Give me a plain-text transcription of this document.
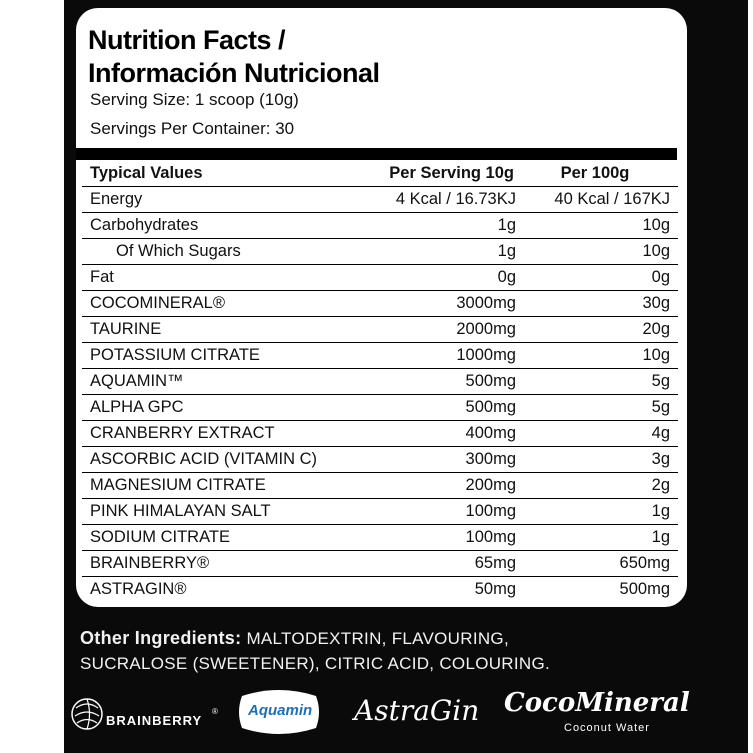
Nutrition Facts /
Información Nutricional
Serving Size: 1 scoop (10g)
Servings Per Container: 30
Typical Values	Per Serving 10g	Per 100g
Energy	4 Kcal / 16.73KJ	40 Kcal / 167KJ
Carbohydrates	1g	10g
Of Which Sugars	1g	10g
Fat	0g	0g
COCOMINERAL®	3000mg	30g
TAURINE	2000mg	20g
POTASSIUM CITRATE	1000mg	10g
AQUAMIN™	500mg	5g
ALPHA GPC	500mg	5g
CRANBERRY EXTRACT	400mg	4g
ASCORBIC ACID (VITAMIN C)	300mg	3g
MAGNESIUM CITRATE	200mg	2g
PINK HIMALAYAN SALT	100mg	1g
SODIUM CITRATE	100mg	1g
BRAINBERRY®	65mg	650mg
ASTRAGIN®	50mg	500mg
Other Ingredients: MALTODEXTRIN, FLAVOURING,
SUCRALOSE (SWEETENER), CITRIC ACID, COLOURING.
BRAINBERRY
® Aquamin AstraGin CocoMineral
Coconut Water
